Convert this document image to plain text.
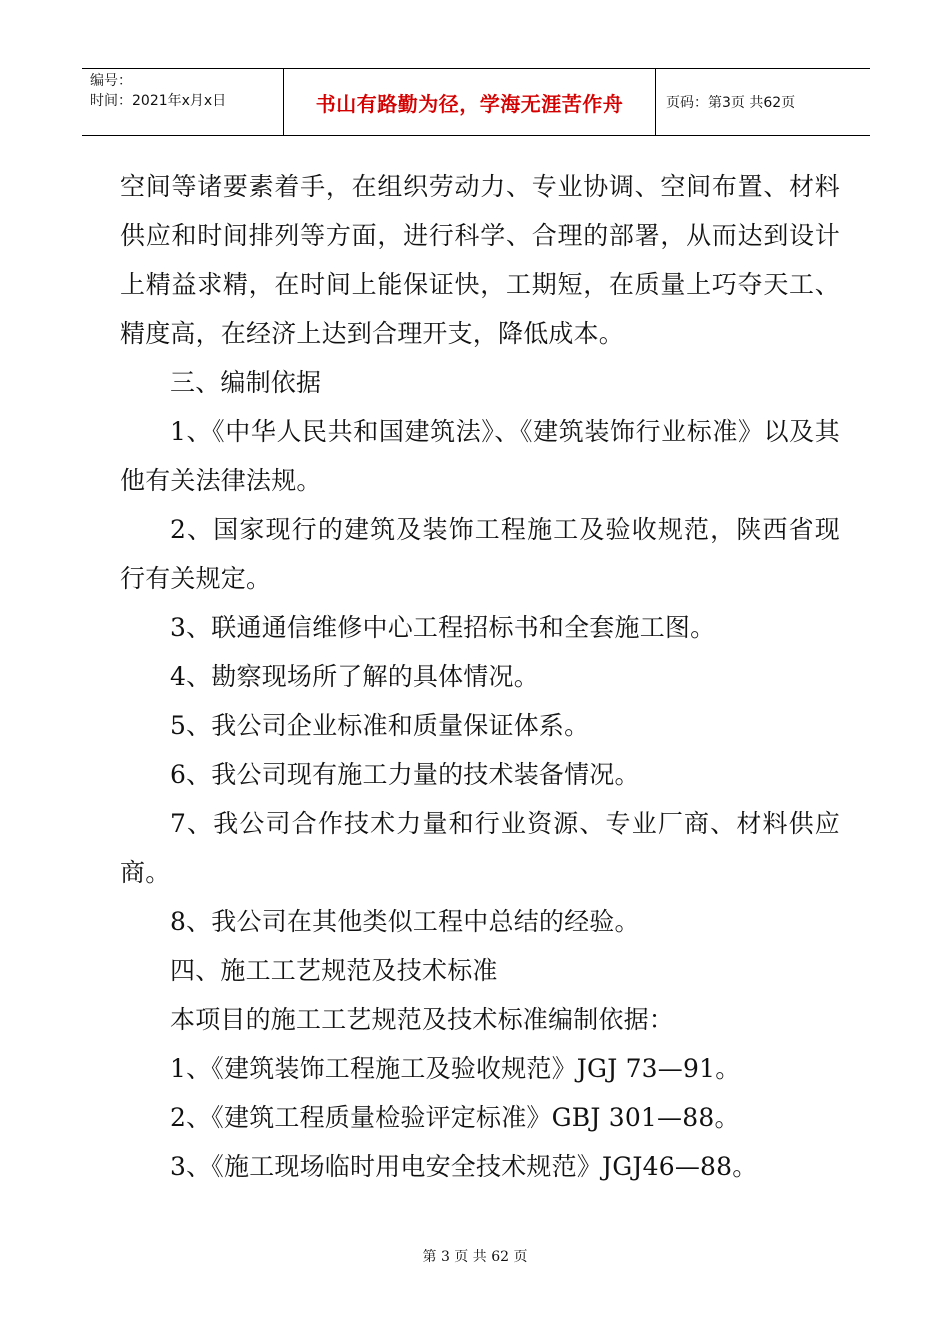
编号：
时间：2021年x月x日	书山有路勤为径，学海无涯苦作舟	页码：第3页 共62页

空间等诸要素着手，在组织劳动力、专业协调、空间布置、材料供应和时间排列等方面，进行科学、合理的部署，从而达到设计上精益求精，在时间上能保证快，工期短，在质量上巧夺天工、精度高，在经济上达到合理开支，降低成本。

三、编制依据

1、《中华人民共和国建筑法》、《建筑装饰行业标准》以及其他有关法律法规。

2、国家现行的建筑及装饰工程施工及验收规范，陕西省现行有关规定。

3、联通通信维修中心工程招标书和全套施工图。

4、勘察现场所了解的具体情况。

5、我公司企业标准和质量保证体系。

6、我公司现有施工力量的技术装备情况。

7、我公司合作技术力量和行业资源、专业厂商、材料供应商。

8、我公司在其他类似工程中总结的经验。

四、施工工艺规范及技术标准

本项目的施工工艺规范及技术标准编制依据：

1、《建筑装饰工程施工及验收规范》JGJ 73—91。

2、《建筑工程质量检验评定标准》GBJ 301—88。

3、《施工现场临时用电安全技术规范》JGJ46—88。

第 3 页 共 62 页
